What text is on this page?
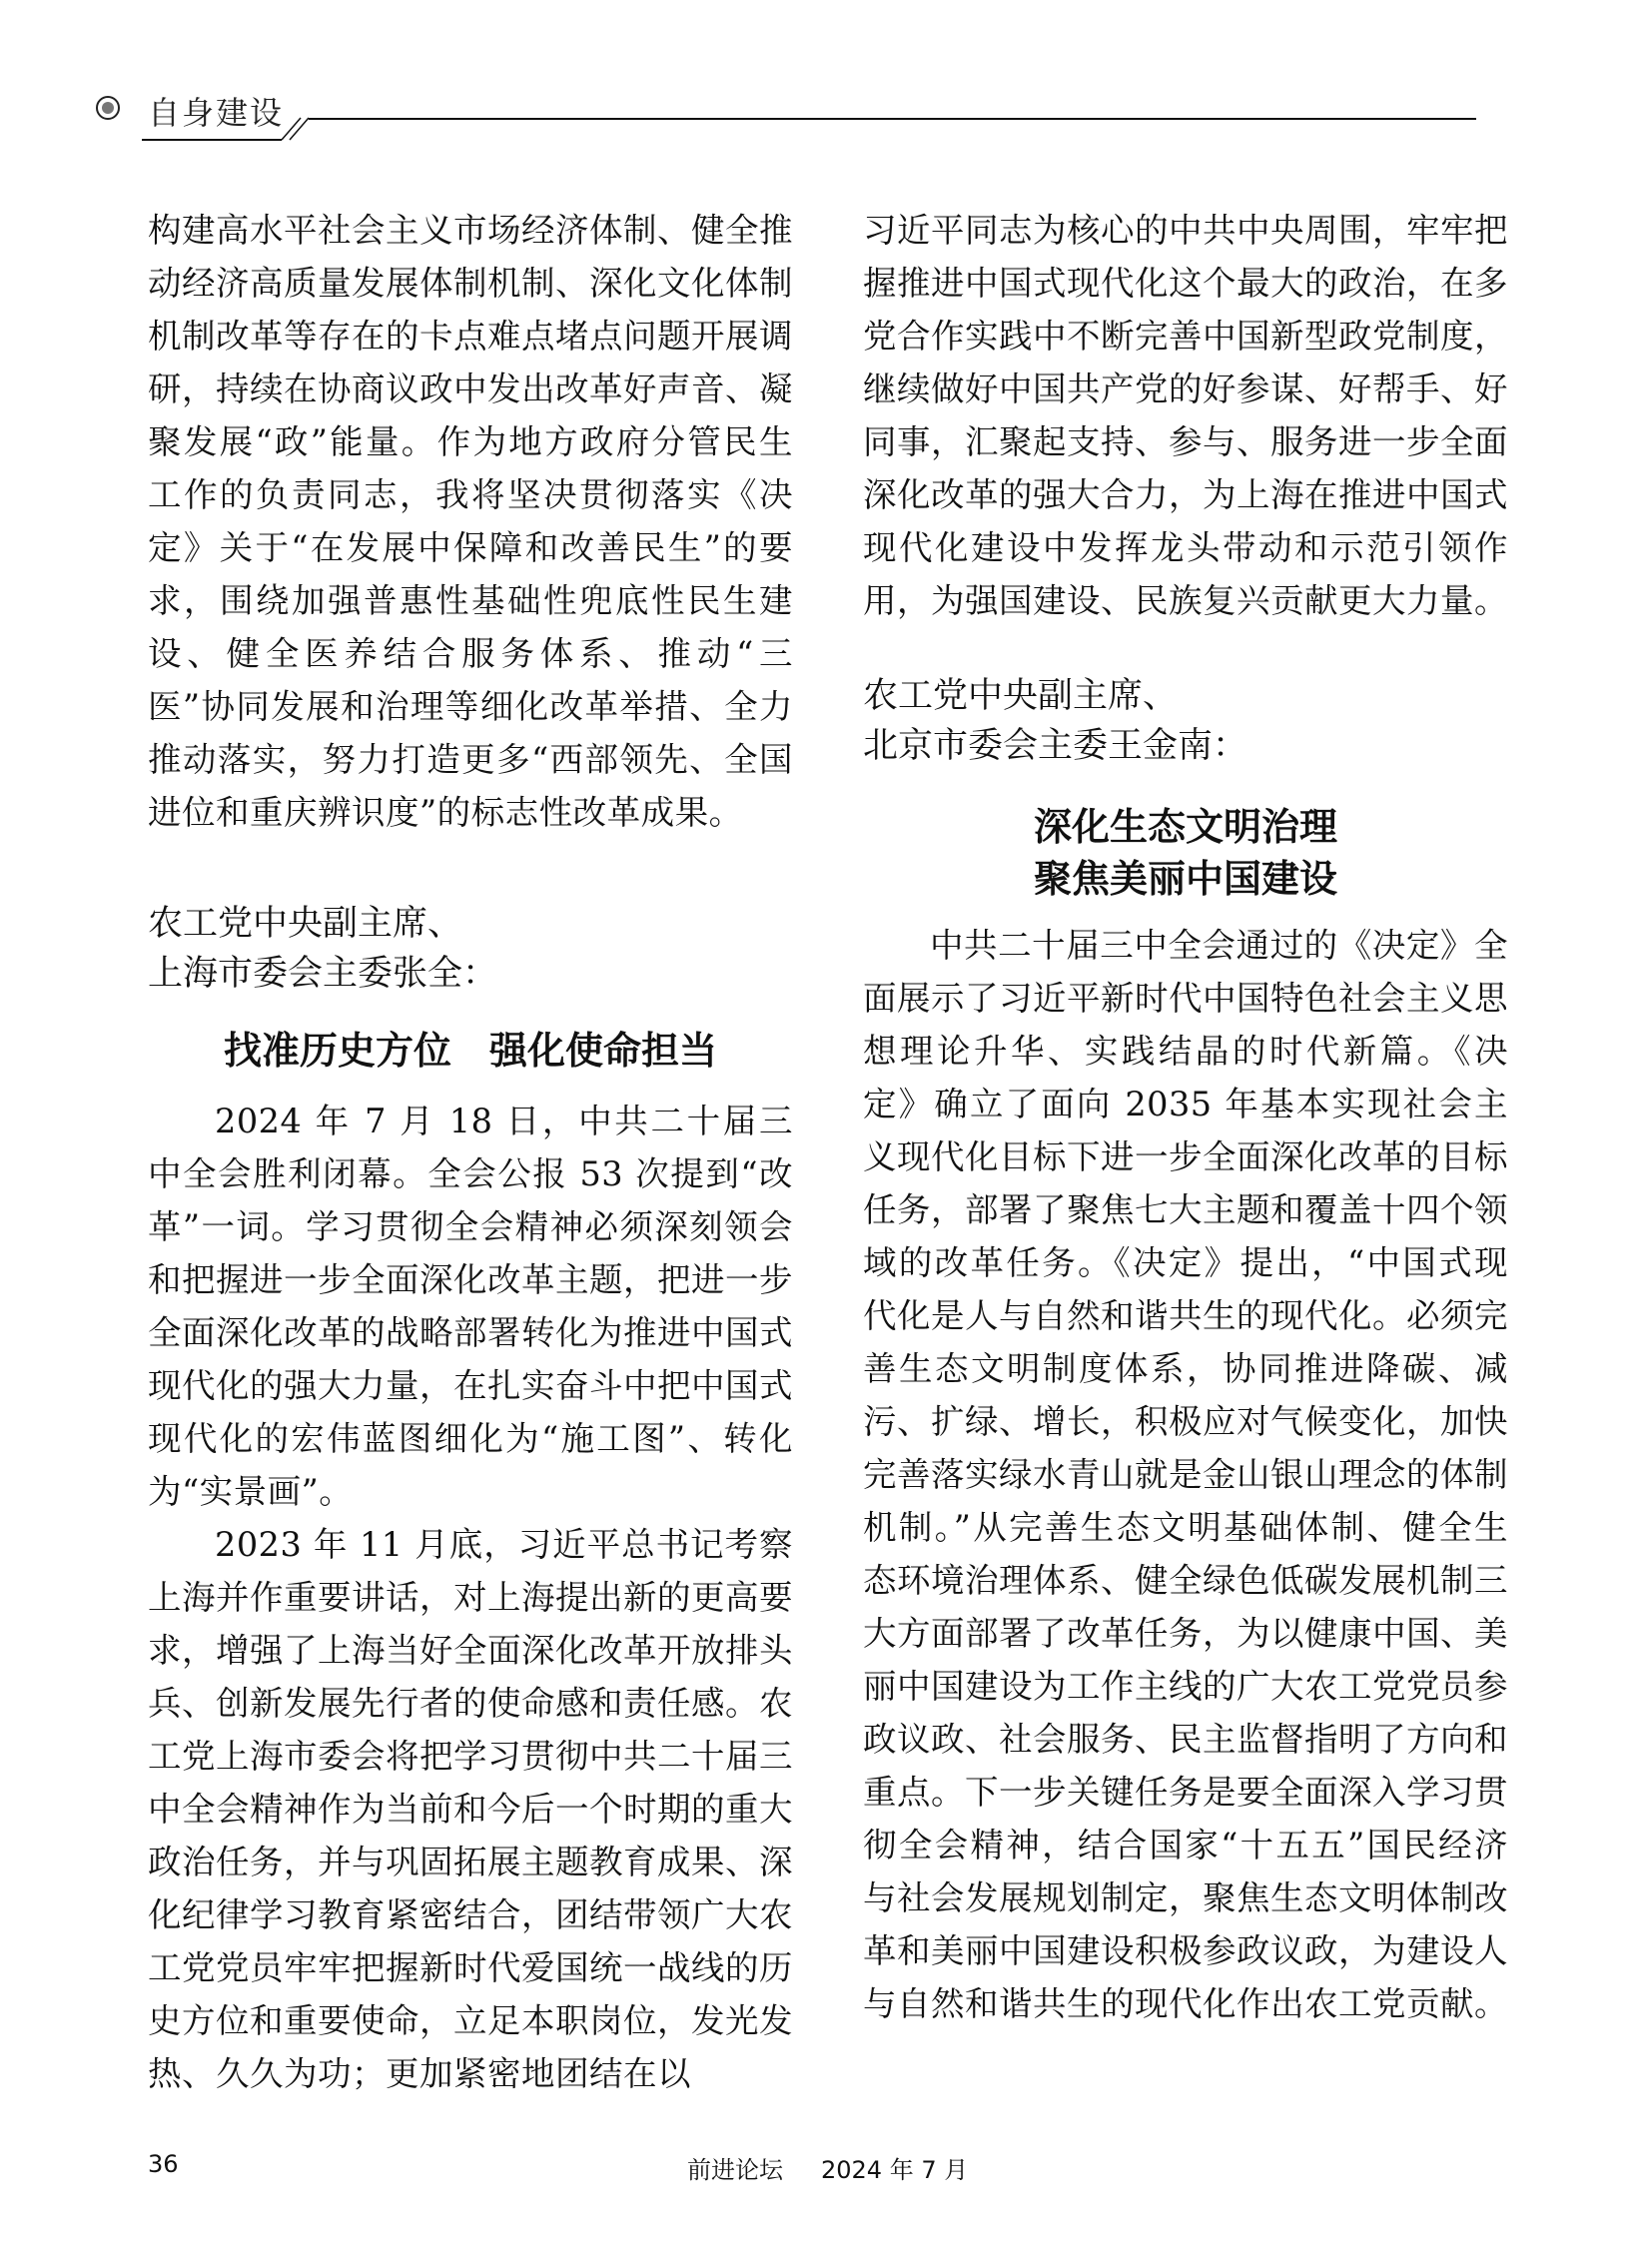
自身建设

构建高水平社会主义市场经济体制、健全推动经济高质量发展体制机制、深化文化体制机制改革等存在的卡点难点堵点问题开展调研，持续在协商议政中发出改革好声音、凝聚发展“政”能量。作为地方政府分管民生工作的负责同志，我将坚决贯彻落实《决定》关于“在发展中保障和改善民生”的要求，围绕加强普惠性基础性兜底性民生建设、健全医养结合服务体系、推动“三医”协同发展和治理等细化改革举措、全力推动落实，努力打造更多“西部领先、全国进位和重庆辨识度”的标志性改革成果。

农工党中央副主席、

上海市委会主委张全：

找准历史方位　强化使命担当

2024 年 7 月 18 日，中共二十届三中全会胜利闭幕。全会公报 53 次提到“改革”一词。学习贯彻全会精神必须深刻领会和把握进一步全面深化改革主题，把进一步全面深化改革的战略部署转化为推进中国式现代化的强大力量，在扎实奋斗中把中国式现代化的宏伟蓝图细化为“施工图”、转化为“实景画”。

2023 年 11 月底，习近平总书记考察上海并作重要讲话，对上海提出新的更高要求，增强了上海当好全面深化改革开放排头兵、创新发展先行者的使命感和责任感。农工党上海市委会将把学习贯彻中共二十届三中全会精神作为当前和今后一个时期的重大政治任务，并与巩固拓展主题教育成果、深化纪律学习教育紧密结合，团结带领广大农工党党员牢牢把握新时代爱国统一战线的历史方位和重要使命，立足本职岗位，发光发热、久久为功；更加紧密地团结在以

习近平同志为核心的中共中央周围，牢牢把握推进中国式现代化这个最大的政治，在多党合作实践中不断完善中国新型政党制度，继续做好中国共产党的好参谋、好帮手、好同事，汇聚起支持、参与、服务进一步全面深化改革的强大合力，为上海在推进中国式现代化建设中发挥龙头带动和示范引领作用，为强国建设、民族复兴贡献更大力量。

农工党中央副主席、

北京市委会主委王金南：

深化生态文明治理

聚焦美丽中国建设

中共二十届三中全会通过的《决定》全面展示了习近平新时代中国特色社会主义思想理论升华、实践结晶的时代新篇。《决定》确立了面向 2035 年基本实现社会主义现代化目标下进一步全面深化改革的目标任务，部署了聚焦七大主题和覆盖十四个领域的改革任务。《决定》提出，“中国式现代化是人与自然和谐共生的现代化。必须完善生态文明制度体系，协同推进降碳、减污、扩绿、增长，积极应对气候变化，加快完善落实绿水青山就是金山银山理念的体制机制。”从完善生态文明基础体制、健全生态环境治理体系、健全绿色低碳发展机制三大方面部署了改革任务，为以健康中国、美丽中国建设为工作主线的广大农工党党员参政议政、社会服务、民主监督指明了方向和重点。下一步关键任务是要全面深入学习贯彻全会精神，结合国家“十五五”国民经济与社会发展规划制定，聚焦生态文明体制改革和美丽中国建设积极参政议政，为建设人与自然和谐共生的现代化作出农工党贡献。

36	前进论坛 2024 年 7 月
